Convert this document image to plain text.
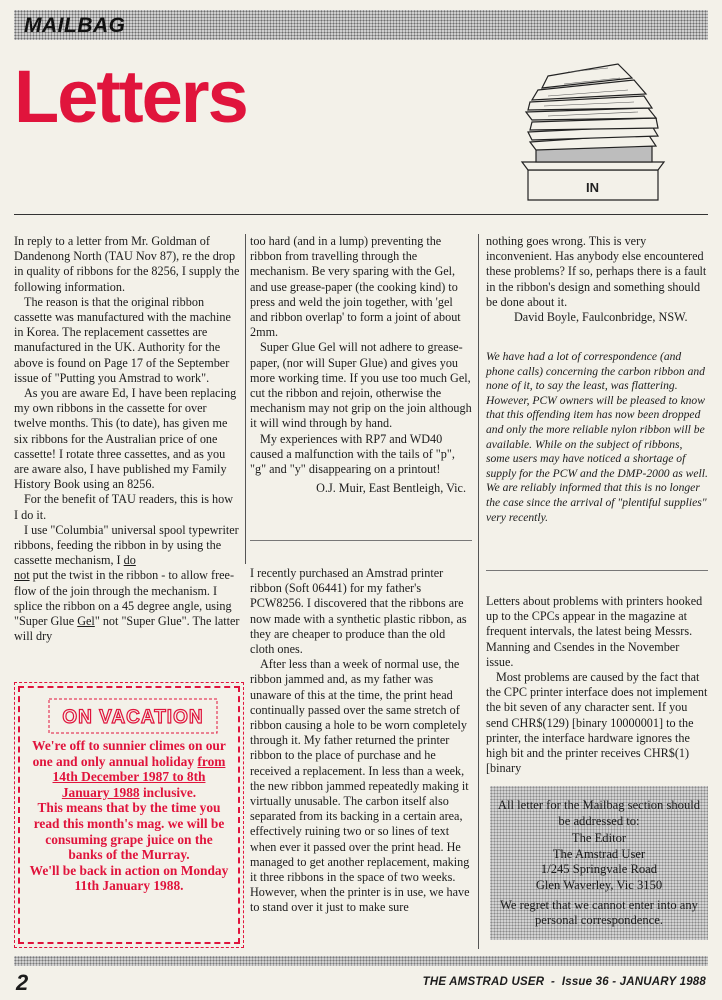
MAILBAG
Letters
IN

In reply to a letter from Mr. Goldman of Dandenong North (TAU Nov 87), re the drop in quality of ribbons for the 8256, I supply the following information.

The reason is that the original ribbon cassette was manufactured with the machine in Korea. The replacement cassettes are manufactured in the UK. Authority for the above is found on Page 17 of the September issue of "Putting you Amstrad to work".

As you are aware Ed, I have been replacing my own ribbons in the cassette for over twelve months. This (to date), has given me six ribbons for the Australian price of one cassette! I rotate three cassettes, and as you are aware also, I have published my Family History Book using an 8256.

For the benefit of TAU readers, this is how I do it.

I use "Columbia" universal spool typewriter ribbons, feeding the ribbon in by using the cassette mechanism, I do
not put the twist in the ribbon - to allow free-flow of the join through the mechanism. I splice the ribbon on a 45 degree angle, using "Super Glue Gel" not "Super Glue". The latter will dry

too hard (and in a lump) preventing the ribbon from travelling through the mechanism. Be very sparing with the Gel, and use grease-paper (the cooking kind) to press and weld the join together, with 'gel and ribbon overlap' to form a joint of about 2mm.

Super Glue Gel will not adhere to grease-paper, (nor will Super Glue) and gives you more working time. If you use too much Gel, cut the ribbon and rejoin, otherwise the mechanism may not grip on the join although it will wind through by hand.

My experiences with RP7 and WD40 caused a malfunction with the tails of "p", "g" and "y" disappearing on a printout!

O.J. Muir, East Bentleigh, Vic.

ON VACATION

We're off to sunnier climes on our one and only annual holiday from 14th December 1987 to 8th January 1988 inclusive.

This means that by the time you read this month's mag. we will be consuming grape juice on the banks of the Murray.

We'll be back in action on Monday 11th January 1988.

I recently purchased an Amstrad printer ribbon (Soft 06441) for my father's PCW8256. I discovered that the ribbons are now made with a synthetic plastic ribbon, as they are cheaper to produce than the old cloth ones.

After less than a week of normal use, the ribbon jammed and, as my father was unaware of this at the time, the print head continually passed over the same stretch of ribbon causing a hole to be worn completely through it. My father returned the printer ribbon to the place of purchase and he received a replacement. In less than a week, the new ribbon jammed repeatedly making it virtually unusable. The carbon itself also separated from its backing in a certain area, effectively ruining two or so lines of text when ever it passed over the print head. He managed to get another replacement, making it three ribbons in the space of two weeks. However, when the printer is in use, we have to stand over it just to make sure

nothing goes wrong. This is very inconvenient. Has anybody else encountered these problems? If so, perhaps there is a fault in the ribbon's design and something should be done about it.

David Boyle, Faulconbridge, NSW.

We have had a lot of correspondence (and phone calls) concerning the carbon ribbon and none of it, to say the least, was flattering. However, PCW owners will be pleased to know that this offending item has now been dropped and only the more reliable nylon ribbon will be available. While on the subject of ribbons, some users may have noticed a shortage of supply for the PCW and the DMP-2000 as well. We are reliably informed that this is no longer the case since the arrival of "plentiful supplies" very recently.

Letters about problems with printers hooked up to the CPCs appear in the magazine at frequent intervals, the latest being Messrs. Manning and Csendes in the November issue.

Most problems are caused by the fact that the CPC printer interface does not implement the bit seven of any character sent. If you send CHR$(129) [binary 10000001] to the printer, the interface hardware ignores the high bit and the printer receives CHR$(1) [binary

All letter for the Mailbag section should be addressed to:

The Editor

The Amstrad User

1/245 Springvale Road

Glen Waverley, Vic 3150

We regret that we cannot enter into any personal correspondence.

2	THE AMSTRAD USER  -  Issue 36 - JANUARY 1988
